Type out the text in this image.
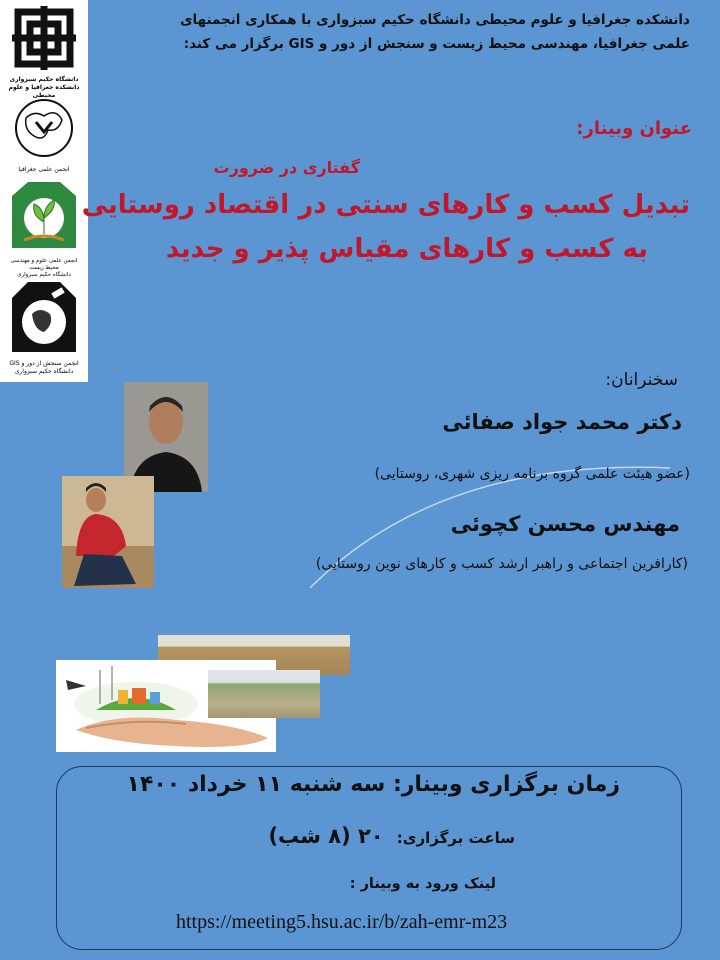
دانشگاه حکیم سبزواری
دانشکده جغرافیا و علوم محیطی
انجمن علمی جغرافیا
انجمن علمی علوم و مهندسی محیط زیست
دانشگاه حکیم سبزواری
انجمن سنجش از دور و GIS
دانشگاه حکیم سبزواری
دانشکده جغرافیا و علوم محیطی دانشگاه حکیم سبزواری با همکاری انجمنهای
علمی جغرافیا، مهندسی محیط زیست و سنجش از دور و GIS برگزار می کند:
عنوان وبینار:
گفتاری در ضرورت
تبدیل کسب و کارهای سنتی در اقتصاد روستایی
به کسب و کارهای مقیاس پذیر و جدید
سخنرانان:
دکتر محمد جواد صفائی
(عضو هیئت علمی گروه برنامه ریزی شهری، روستایی)
مهندس محسن کچوئی
(کارافرین اجتماعی و راهبر ارشد کسب و کارهای نوین روستایی)
زمان برگزاری وبینار: سه شنبه ۱۱ خرداد ۱۴۰۰
ساعت برگزاری: ۲۰ (۸ شب)
لینک ورود به وبینار :
https://meeting5.hsu.ac.ir/b/zah-emr-m23
